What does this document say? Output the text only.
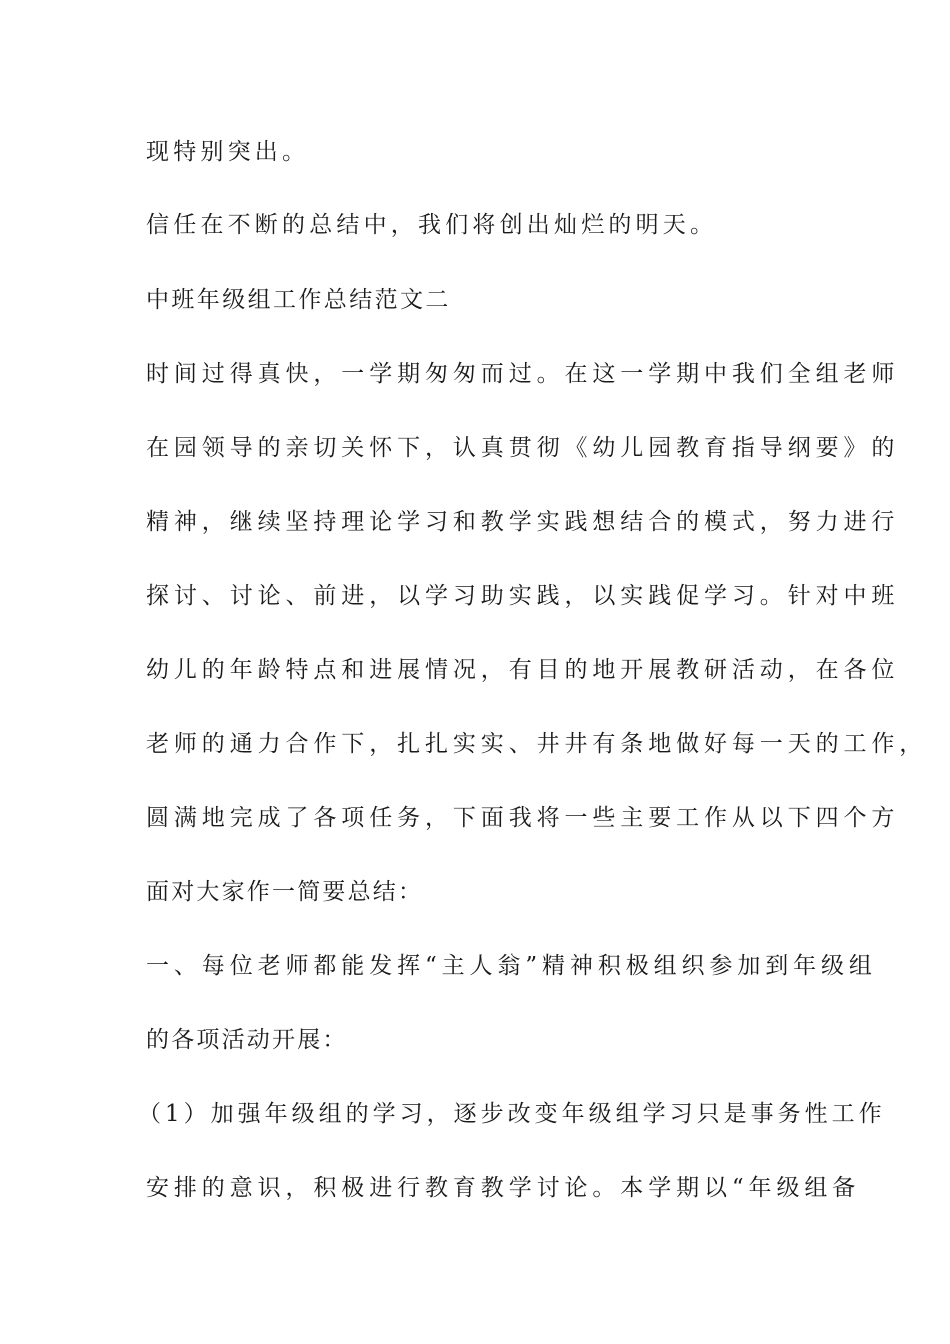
现特别突出。

信任在不断的总结中，我们将创出灿烂的明天。

中班年级组工作总结范文二

时间过得真快，一学期匆匆而过。在这一学期中我们全组老师

在园领导的亲切关怀下，认真贯彻《幼儿园教育指导纲要》的

精神，继续坚持理论学习和教学实践想结合的模式，努力进行

探讨、讨论、前进，以学习助实践，以实践促学习。针对中班

幼儿的年龄特点和进展情况，有目的地开展教研活动，在各位

老师的通力合作下，扎扎实实、井井有条地做好每一天的工作，

圆满地完成了各项任务，下面我将一些主要工作从以下四个方

面对大家作一简要总结：

一、每位老师都能发挥“主人翁”精神积极组织参加到年级组

的各项活动开展：

（1）加强年级组的学习，逐步改变年级组学习只是事务性工作

安排的意识，积极进行教育教学讨论。本学期以“年级组备
